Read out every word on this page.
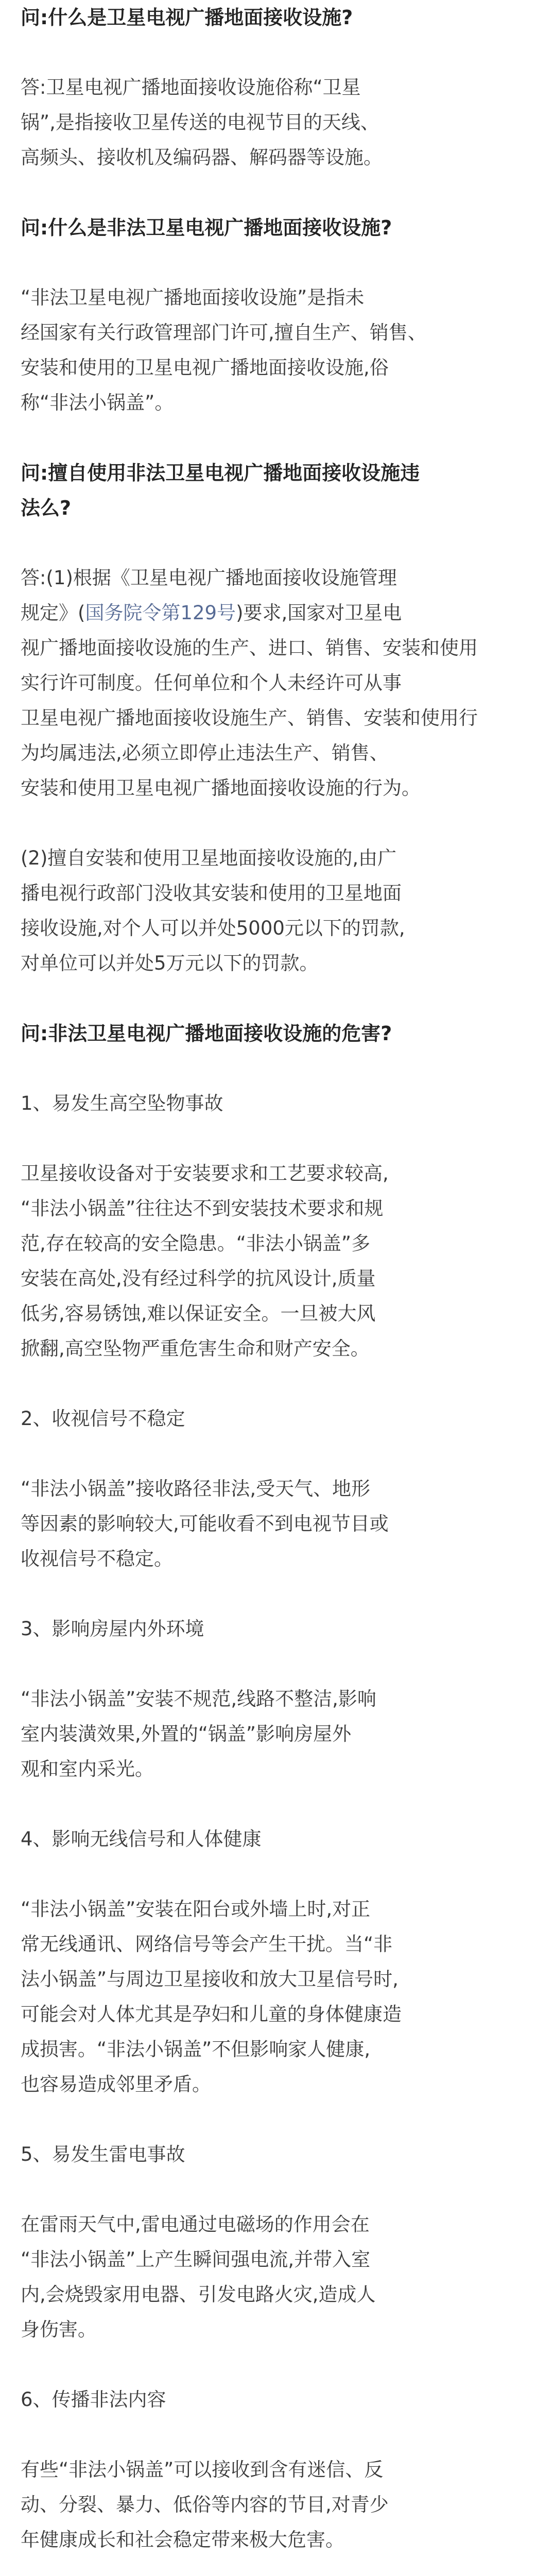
问:什么是卫星电视广播地面接收设施?

答:卫星电视广播地面接收设施俗称“卫星

锅”,是指接收卫星传送的电视节目的天线、

高频头、接收机及编码器、解码器等设施。

问:什么是非法卫星电视广播地面接收设施?

“非法卫星电视广播地面接收设施”是指未

经国家有关行政管理部门许可,擅自生产、销售、

安装和使用的卫星电视广播地面接收设施,俗

称“非法小锅盖”。

问:擅自使用非法卫星电视广播地面接收设施违

法么?

答:(1)根据《卫星电视广播地面接收设施管理

规定》(国务院令第129号)要求,国家对卫星电

视广播地面接收设施的生产、进口、销售、安装和使用

实行许可制度。任何单位和个人未经许可从事

卫星电视广播地面接收设施生产、销售、安装和使用行

为均属违法,必须立即停止违法生产、销售、

安装和使用卫星电视广播地面接收设施的行为。

(2)擅自安装和使用卫星地面接收设施的,由广

播电视行政部门没收其安装和使用的卫星地面

接收设施,对个人可以并处5000元以下的罚款,

对单位可以并处5万元以下的罚款。

问:非法卫星电视广播地面接收设施的危害?

1、易发生高空坠物事故

卫星接收设备对于安装要求和工艺要求较高,

“非法小锅盖”往往达不到安装技术要求和规

范,存在较高的安全隐患。“非法小锅盖”多

安装在高处,没有经过科学的抗风设计,质量

低劣,容易锈蚀,难以保证安全。一旦被大风

掀翻,高空坠物严重危害生命和财产安全。

2、收视信号不稳定

“非法小锅盖”接收路径非法,受天气、地形

等因素的影响较大,可能收看不到电视节目或

收视信号不稳定。

3、影响房屋内外环境

“非法小锅盖”安装不规范,线路不整洁,影响

室内装潢效果,外置的“锅盖”影响房屋外

观和室内采光。

4、影响无线信号和人体健康

“非法小锅盖”安装在阳台或外墙上时,对正

常无线通讯、网络信号等会产生干扰。当“非

法小锅盖”与周边卫星接收和放大卫星信号时,

可能会对人体尤其是孕妇和儿童的身体健康造

成损害。“非法小锅盖”不但影响家人健康,

也容易造成邻里矛盾。

5、易发生雷电事故

在雷雨天气中,雷电通过电磁场的作用会在

“非法小锅盖”上产生瞬间强电流,并带入室

内,会烧毁家用电器、引发电路火灾,造成人

身伤害。

6、传播非法内容

有些“非法小锅盖”可以接收到含有迷信、反

动、分裂、暴力、低俗等内容的节目,对青少

年健康成长和社会稳定带来极大危害。
